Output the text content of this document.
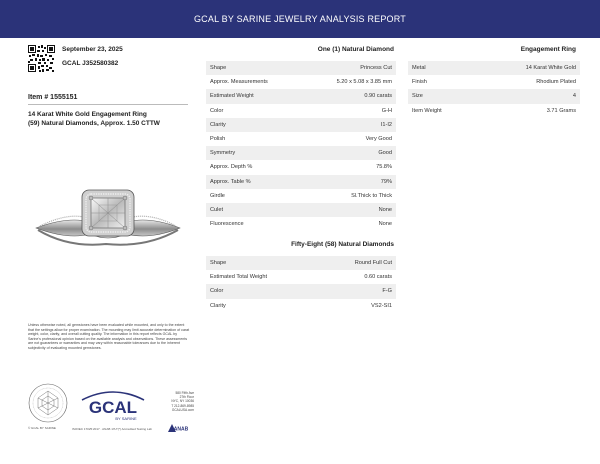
GCAL BY SARINE JEWELRY ANALYSIS REPORT
September 23, 2025
GCAL J352580382
Item # 1555151
14 Karat White Gold Engagement Ring
(59) Natural Diamonds, Approx. 1.50 CTTW
Unless otherwise noted, all gemstones have been evaluated while mounted, and only to the extent that the settings allow for proper examination. The mounting may limit accurate determination of carat weight, color, clarity, and overall cutting quality. The information in this report reflects GCAL by Sarine's professional opinion based on the available analysis and observations. These assessments are not guarantees or warranties and may vary within reasonable tolerances due to the inherent subjectivity of evaluating mounted gemstones.
© GCAL BY SARINE
GCAL
BY SARINE
580 Fifth Ave
27th Floor
NYC, NY 10036
T 212-869-8985
GCALUSA.com
ISO/IEC 17025:2017 · ANAB 17LT(*) Accredited Testing Lab	ANAB
One (1) Natural Diamond
Shape	Princess Cut
Approx. Measurements	5.20 x 5.08 x 3.85 mm
Estimated Weight	0.90 carats
Color	G-H
Clarity	I1-I2
Polish	Very Good
Symmetry	Good
Approx. Depth %	75.8%
Approx. Table %	79%
Girdle	Sl.Thick to Thick
Culet	None
Fluorescence	None
Fifty-Eight (58) Natural Diamonds
Shape	Round Full Cut
Estimated Total Weight	0.60 carats
Color	F-G
Clarity	VS2-SI1
Engagement Ring
Metal	14 Karat White Gold
Finish	Rhodium Plated
Size	4
Item Weight	3.71 Grams
